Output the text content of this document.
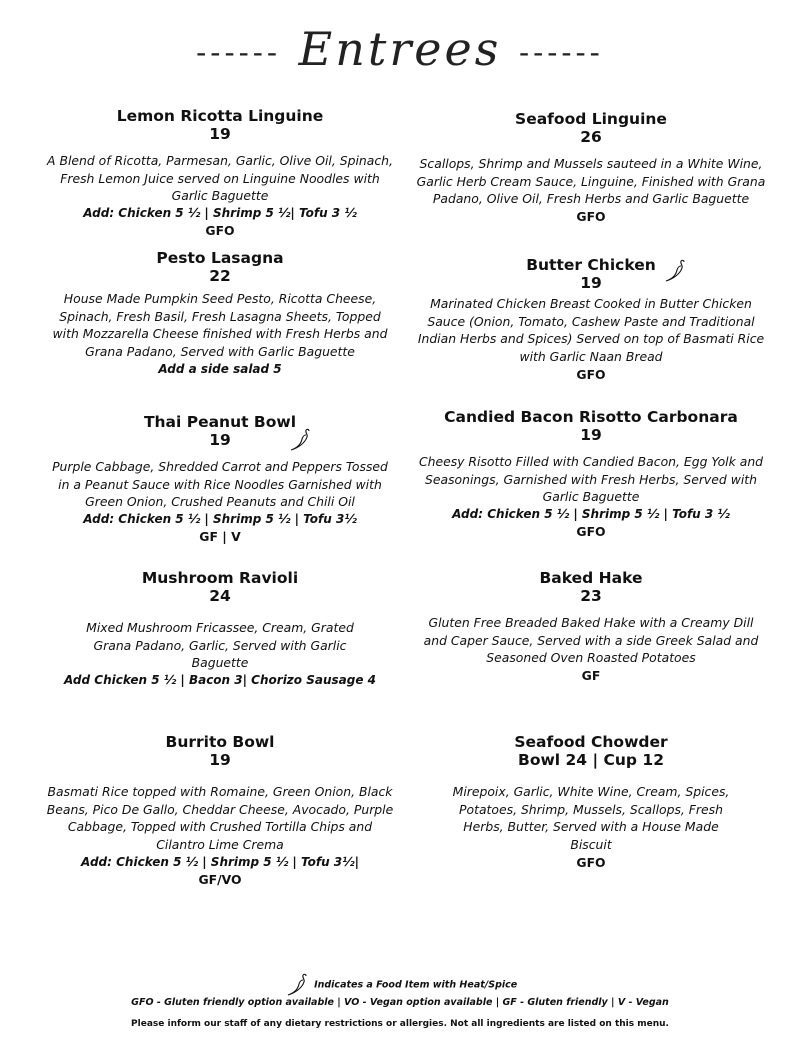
------ Entrees ------
Lemon Ricotta Linguine
19
A Blend of Ricotta, Parmesan, Garlic, Olive Oil, Spinach, Fresh Lemon Juice served on Linguine Noodles with Garlic Baguette
Add: Chicken 5 ½ | Shrimp 5 ½| Tofu 3 ½
GFO
Seafood Linguine
26
Scallops, Shrimp and Mussels sauteed in a White Wine, Garlic Herb Cream Sauce, Linguine, Finished with Grana Padano, Olive Oil, Fresh Herbs and Garlic Baguette
GFO
Pesto Lasagna
22
House Made Pumpkin Seed Pesto, Ricotta Cheese, Spinach, Fresh Basil, Fresh Lasagna Sheets, Topped with Mozzarella Cheese finished with Fresh Herbs and Grana Padano, Served with Garlic Baguette
Add a side salad 5
Butter Chicken
19
Marinated Chicken Breast Cooked in Butter Chicken Sauce (Onion, Tomato, Cashew Paste and Traditional Indian Herbs and Spices) Served on top of Basmati Rice with Garlic Naan Bread
GFO
Thai Peanut Bowl
19
Purple Cabbage, Shredded Carrot and Peppers Tossed in a Peanut Sauce with Rice Noodles Garnished with Green Onion, Crushed Peanuts and Chili Oil
Add: Chicken 5 ½ | Shrimp 5 ½ | Tofu 3½
GF | V
Candied Bacon Risotto Carbonara
19
Cheesy Risotto Filled with Candied Bacon, Egg Yolk and Seasonings, Garnished with Fresh Herbs, Served with Garlic Baguette
Add: Chicken 5 ½ | Shrimp 5 ½ | Tofu 3 ½
GFO
Mushroom Ravioli
24
Mixed Mushroom Fricassee, Cream, Grated Grana Padano, Garlic, Served with Garlic Baguette
Add Chicken 5 ½ | Bacon 3| Chorizo Sausage 4
Baked Hake
23
Gluten Free Breaded Baked Hake with a Creamy Dill and Caper Sauce, Served with a side Greek Salad and Seasoned Oven Roasted Potatoes
GF
Burrito Bowl
19
Basmati Rice topped with Romaine, Green Onion, Black Beans, Pico De Gallo, Cheddar Cheese, Avocado, Purple Cabbage, Topped with Crushed Tortilla Chips and Cilantro Lime Crema
Add: Chicken 5 ½ | Shrimp 5 ½ | Tofu 3½|
GF/VO
Seafood Chowder
Bowl 24 | Cup 12
Mirepoix, Garlic, White Wine, Cream, Spices, Potatoes, Shrimp, Mussels, Scallops, Fresh Herbs, Butter, Served with a House Made Biscuit
GFO
Indicates a Food Item with Heat/Spice
GFO - Gluten friendly option available | VO - Vegan option available | GF - Gluten friendly | V - Vegan
Please inform our staff of any dietary restrictions or allergies. Not all ingredients are listed on this menu.
